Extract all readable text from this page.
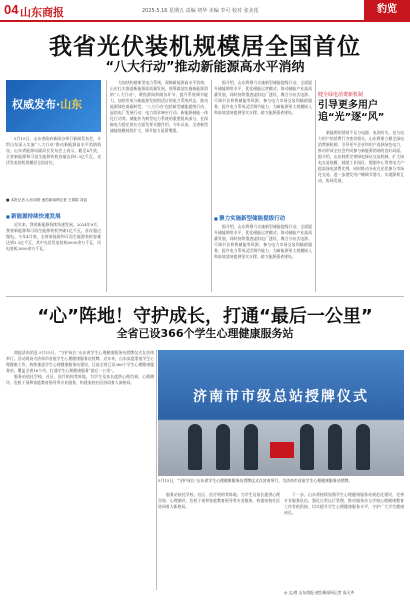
04 山东商报	2025.5.16 星期五 责编 初华 美编 李可 校对 张美莲	豹览
我省光伏装机规模居全国首位
“八大行动”推动新能源高水平消纳
权威发布·山东

5月15日，山东省政府新闻办举行新闻发布会，介绍山东深入实施“八大行动”推动新能源高水平消纳情况。山东省能源局副局长发布会上表示，截至4月底，全省新能源和可再生能源装机容量达到1.3亿千瓦，光伏发电装机规模居全国首位。

■ 本报记者 山东商报·速豹新闻网记者 王娟娟 刘蓓
■ 新能源持续快速发展

近年来，我省新能源持续快速发展。2024年9月，我省新能源和可再生能源装机突破1亿千瓦，首次超过煤电。今年4月底，全省新能源和可再生能源装机容量达到1.3亿千瓦，其中光伏发电装机8000余万千瓦，风电装机2800余万千瓦。

为加快构建新型电力系统，保障新能源高水平消纳，山东扎实推进新能源高质量发展，统筹谋划实施新能源消纳“八大行动”，聚焦源网荷储各环节，提升系统调节能力，加快形成与新能源发展相适应的电力系统形态，推动能源绿色低碳转型。“八大行动”包括新型储能提级行动、虚拟电厂发展行动、电力需求响应行动、新能源储能一体化行动等。储能作为新型电力系统的重要组成部分，在保障电力稳定供应方面发挥关键作用。今年以来，全省新型储能规模持续扩大，调节能力显著增强。

据介绍，山东将聚力实施新型储能提级行动，全面提升储能调用水平，优化储能运营模式，推动储能产业高质量发展。同时持续推进虚拟电厂建设，聚合分布式电源、可调节负荷和储能等资源，参与电力市场交易和辅助服务，提升电力系统灵活调节能力，为新能源更大规模接入和高效消纳提供坚实支撑，助力能源强省建设。

■ 聚力实施新型储能提级行动

据介绍，山东将聚力实施新型储能提级行动，全面提升储能调用水平，优化储能运营模式，推动储能产业高质量发展。同时持续推进虚拟电厂建设，聚合分布式电源、可调节负荷和储能等资源，参与电力市场交易和辅助服务，提升电力系统灵活调节能力，为新能源更大规模接入和高效消纳提供坚实支撑，助力能源强省建设。

健全绿电消费新机制
引导更多用户
追“光”逐“风”

新能源的消纳不仅与电源、电网有关，也与电力用户的消费行为密切相关。山东将建立健全绿电消费新机制，引导更多企业和用户选择绿色电力，推动形成全社会共同参与新能源消纳的良好局面。据介绍，山东持续完善绿电绿证交易机制，扩大绿电交易规模，鼓励工业园区、数据中心等用电大户提高绿电消费比例，同时推动分布式光伏参与市场化交易，进一步激发用户侧调节潜力，实现源荷互动、协同发展。

“心”阵地！守护成长，打通“最后一公里”
全省已设366个学生心理健康服务站

商报济南消息 5月15日，“守护成长”山东省学生心理健康服务站授牌仪式在济南举行。活动现场为济南市首批学生心理健康服务站授牌。近年来，山东高度重视学生心理健康工作，持续推进学生心理健康服务站建设，目前全省已设366个学生心理健康服务站，覆盖全省16个市，打通学生心理健康服务“最后一公里”。

服务站依托学校、社区、医疗机构等阵地，为学生及家长提供心理咨询、心理测评、危机干预和家庭教育指导等专业服务，构建家校社医协同育人新格局。

济南市市级总站授牌仪式
5月15日，“守护成长”山东省学生心理健康服务站授牌仪式在济南举行，为济南市首批学生心理健康服务站授牌。

服务站依托学校、社区、医疗机构等阵地，为学生及家长提供心理咨询、心理测评、危机干预和家庭教育指导等专业服务，构建家校社医协同育人新格局。

下一步，山东将持续加强学生心理健康服务站规范化建设，完善专业服务队伍，强化日常运行管理，推动服务站与学校心理健康教育工作有机衔接，切实提升学生心理健康服务水平，守护广大学生健康成长。

◎ 文/图 山东商报·速豹新闻网记者 高天齐
